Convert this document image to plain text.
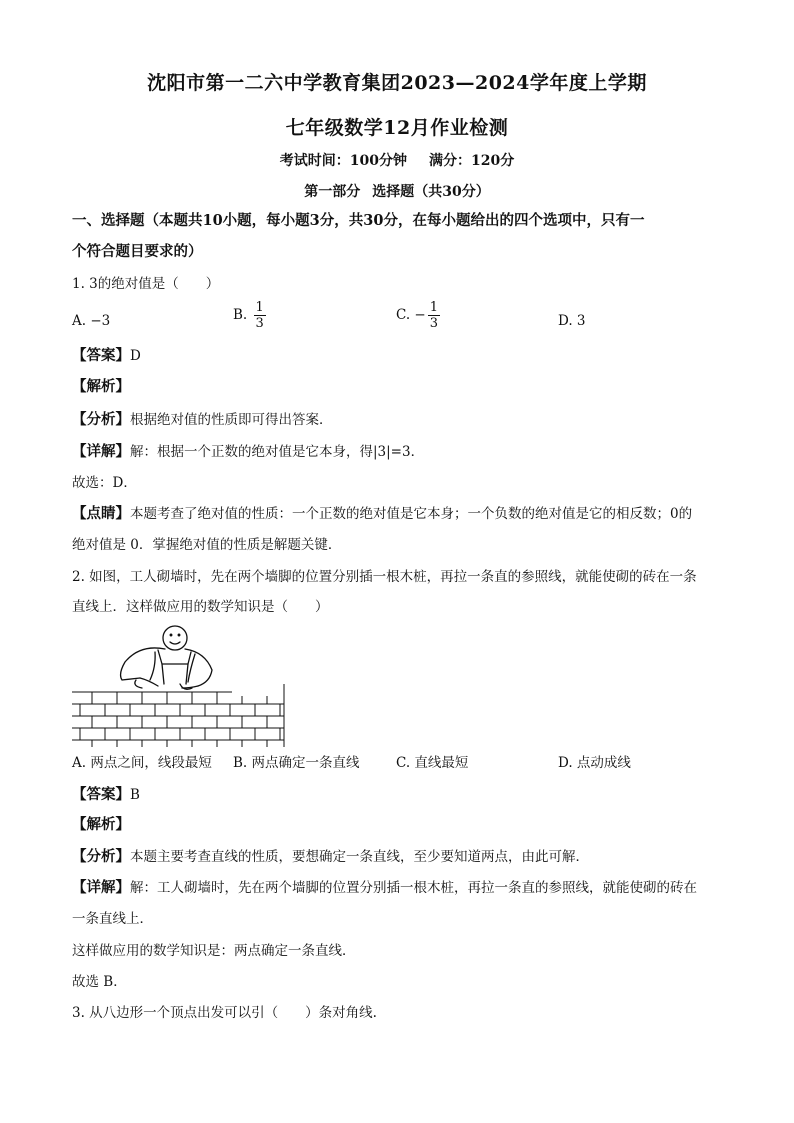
沈阳市第一二六中学教育集团2023—2024学年度上学期
七年级数学12月作业检测
考试时间：100分钟 满分：120分
第一部分 选择题（共30分）
一、选择题（本题共10小题，每小题3分，共30分，在每小题给出的四个选项中，只有一
个符合题目要求的）
1. 3的绝对值是（　　）
A. −3	B. $\frac{1}{3}$	C. − $\frac{1}{3}$	D. 3
【答案】D
【解析】
【分析】根据绝对值的性质即可得出答案．
【详解】解：根据一个正数的绝对值是它本身，得|3|=3．
故选：D．
【点睛】本题考查了绝对值的性质：一个正数的绝对值是它本身；一个负数的绝对值是它的相反数；0的
绝对值是 0．掌握绝对值的性质是解题关键．
2. 如图，工人砌墙时，先在两个墙脚的位置分别插一根木桩，再拉一条直的参照线，就能使砌的砖在一条
直线上．这样做应用的数学知识是（　　）
A. 两点之间，线段最短 B. 两点确定一条直线	C. 直线最短	D. 点动成线
【答案】B
【解析】
【分析】本题主要考查直线的性质，要想确定一条直线，至少要知道两点，由此可解．
【详解】解：工人砌墙时，先在两个墙脚的位置分别插一根木桩，再拉一条直的参照线，就能使砌的砖在
一条直线上．
这样做应用的数学知识是：两点确定一条直线．
故选 B．
3. 从八边形一个顶点出发可以引（　　）条对角线.
